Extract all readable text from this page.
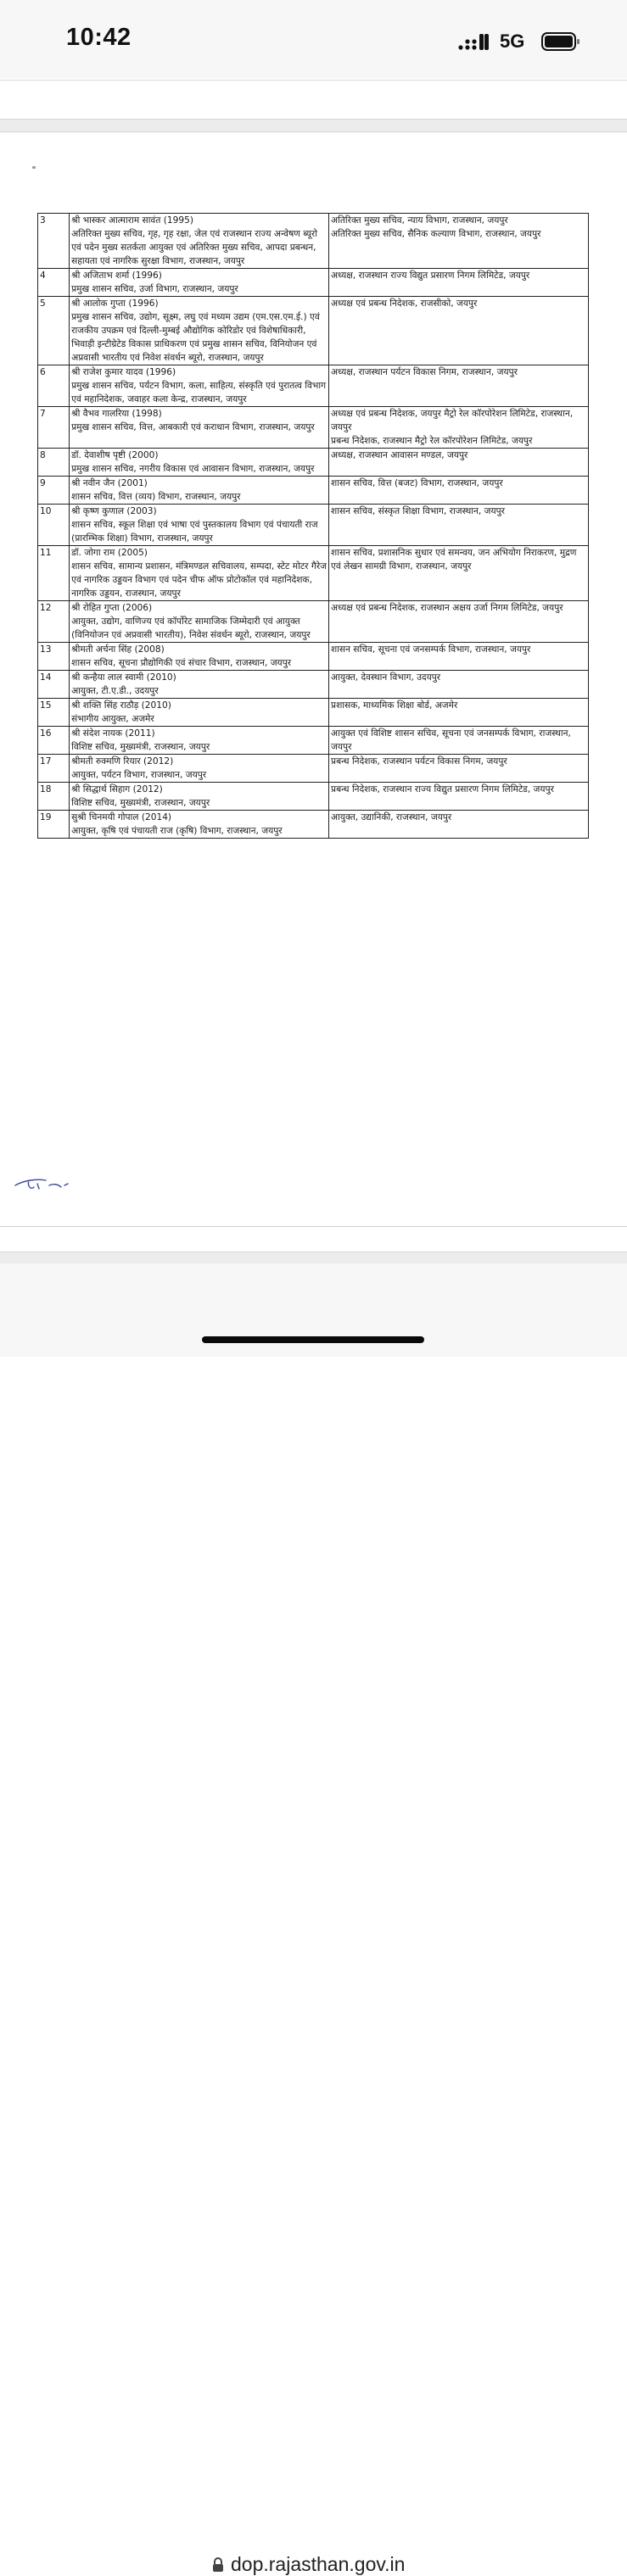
10:42	5G
3	श्री भास्कर आत्माराम सावंत (1995)
अतिरिक्त मुख्य सचिव, गृह, गृह रक्षा, जेल एवं राजस्थान राज्य अन्वेषण ब्यूरो एवं पदेन मुख्य सतर्कता आयुक्त एवं अतिरिक्त मुख्य सचिव, आपदा प्रबन्धन, सहायता एवं नागरिक सुरक्षा विभाग, राजस्थान, जयपुर	अतिरिक्त मुख्य सचिव, न्याय विभाग, राजस्थान, जयपुर
अतिरिक्त मुख्य सचिव, सैनिक कल्याण विभाग, राजस्थान, जयपुर
4	श्री अजिताभ शर्मा (1996)
प्रमुख शासन सचिव, उर्जा विभाग, राजस्थान, जयपुर	अध्यक्ष, राजस्थान राज्य विद्युत प्रसारण निगम लिमिटेड, जयपुर
5	श्री आलोक गुप्ता (1996)
प्रमुख शासन सचिव, उद्योग, सूक्ष्म, लघु एवं मध्यम उद्यम (एम.एस.एम.ई.) एवं राजकीय उपक्रम एवं दिल्ली-मुम्बई औद्योगिक कोरिडोर एवं विशेषाधिकारी, भिवाड़ी इन्टीग्रेटेड विकास प्राधिकरण एवं प्रमुख शासन सचिव, विनियोजन एवं अप्रवासी भारतीय एवं निवेश संवर्धन ब्यूरो, राजस्थान, जयपुर	अध्यक्ष एवं प्रबन्ध निदेशक, राजसीको, जयपुर
6	श्री राजेश कुमार यादव (1996)
प्रमुख शासन सचिव, पर्यटन विभाग, कला, साहित्य, संस्कृति एवं पुरातत्व विभाग एवं महानिदेशक, जवाहर कला केन्द्र, राजस्थान, जयपुर	अध्यक्ष, राजस्थान पर्यटन विकास निगम, राजस्थान, जयपुर
7	श्री वैभव गालरिया (1998)
प्रमुख शासन सचिव, वित्त, आबकारी एवं कराधान विभाग, राजस्थान, जयपुर	अध्यक्ष एवं प्रबन्ध निदेशक, जयपुर मैट्रो रेल कॉरपोरेशन लिमिटेड, राजस्थान, जयपुर
प्रबन्ध निदेशक, राजस्थान मैट्रो रेल कॉरपोरेशन लिमिटेड, जयपुर
8	डॉ. देवाशीष पृष्टी (2000)
प्रमुख शासन सचिव, नगरीय विकास एवं आवासन विभाग, राजस्थान, जयपुर	अध्यक्ष, राजस्थान आवासन मण्डल, जयपुर
9	श्री नवीन जैन (2001)
शासन सचिव, वित्त (व्यय) विभाग, राजस्थान, जयपुर	शासन सचिव, वित्त (बजट) विभाग, राजस्थान, जयपुर
10	श्री कृष्ण कुणाल (2003)
शासन सचिव, स्कूल शिक्षा एवं भाषा एवं पुस्तकालय विभाग एवं पंचायती राज (प्रारम्भिक शिक्षा) विभाग, राजस्थान, जयपुर	शासन सचिव, संस्कृत शिक्षा विभाग, राजस्थान, जयपुर
11	डॉ. जोगा राम (2005)
शासन सचिव, सामान्य प्रशासन, मंत्रिमण्डल सचिवालय, सम्पदा, स्टेट मोटर गैरेज एवं नागरिक उड्डयन विभाग एवं पदेन चीफ ऑफ प्रोटोकॉल एवं महानिदेशक, नागरिक उड्डयन, राजस्थान, जयपुर	शासन सचिव, प्रशासनिक सुधार एवं समन्वय, जन अभियोग निराकरण, मुद्रण एवं लेखन सामग्री विभाग, राजस्थान, जयपुर
12	श्री रोहित गुप्ता (2006)
आयुक्त, उद्योग, वाणिज्य एवं कॉर्पोरेट सामाजिक जिम्मेदारी एवं आयुक्त (विनियोजन एवं अप्रवासी भारतीय), निवेश संवर्धन ब्यूरो, राजस्थान, जयपुर	अध्यक्ष एवं प्रबन्ध निदेशक, राजस्थान अक्षय उर्जा निगम लिमिटेड, जयपुर
13	श्रीमती अर्चना सिंह (2008)
शासन सचिव, सूचना प्रौद्योगिकी एवं संचार विभाग, राजस्थान, जयपुर	शासन सचिव, सूचना एवं जनसम्पर्क विभाग, राजस्थान, जयपुर
14	श्री कन्हैया लाल स्वामी (2010)
आयुक्त, टी.ए.डी., उदयपुर	आयुक्त, देवस्थान विभाग, उदयपुर
15	श्री शक्ति सिंह राठौड़ (2010)
संभागीय आयुक्त, अजमेर	प्रशासक, माध्यमिक शिक्षा बोर्ड, अजमेर
16	श्री संदेश नायक (2011)
विशिष्ट सचिव, मुख्यमंत्री, राजस्थान, जयपुर	आयुक्त एवं विशिष्ट शासन सचिव, सूचना एवं जनसम्पर्क विभाग, राजस्थान, जयपुर
17	श्रीमती रुक्मणि रियार (2012)
आयुक्त, पर्यटन विभाग, राजस्थान, जयपुर	प्रबन्ध निदेशक, राजस्थान पर्यटन विकास निगम, जयपुर
18	श्री सिद्धार्थ सिहाग (2012)
विशिष्ट सचिव, मुख्यमंत्री, राजस्थान, जयपुर	प्रबन्ध निदेशक, राजस्थान राज्य विद्युत प्रसारण निगम लिमिटेड, जयपुर
19	सुश्री चिनमयी गोपाल (2014)
आयुक्त, कृषि एवं पंचायती राज (कृषि) विभाग, राजस्थान, जयपुर	आयुक्त, उद्यानिकी, राजस्थान, जयपुर
dop.rajasthan.gov.in
